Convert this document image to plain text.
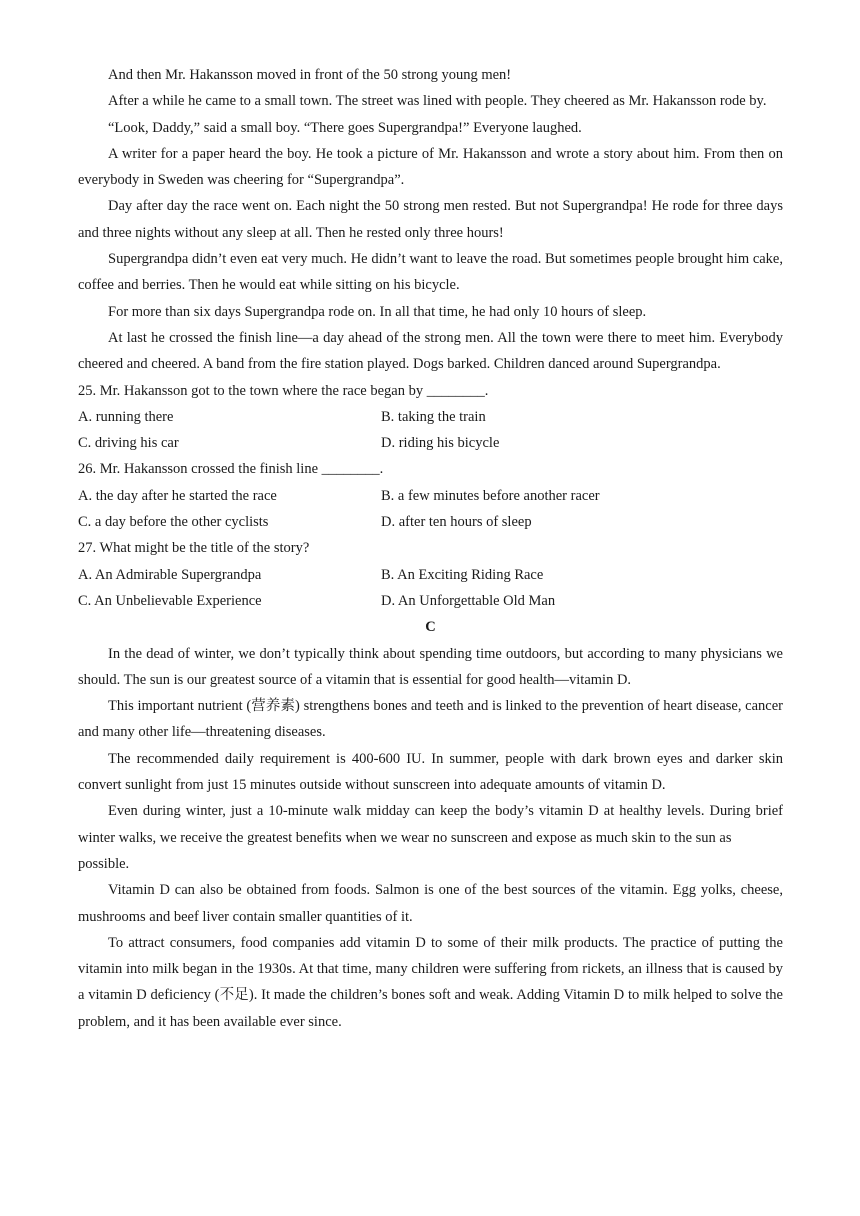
And then Mr. Hakansson moved in front of the 50 strong young men!

After a while he came to a small town. The street was lined with people. They cheered as Mr. Hakansson rode by.

“Look, Daddy,” said a small boy. “There goes Supergrandpa!” Everyone laughed.

A writer for a paper heard the boy. He took a picture of Mr. Hakansson and wrote a story about him. From then on everybody in Sweden was cheering for “Supergrandpa”.

Day after day the race went on. Each night the 50 strong men rested. But not Supergrandpa! He rode for three days and three nights without any sleep at all. Then he rested only three hours!

Supergrandpa didn’t even eat very much. He didn’t want to leave the road. But sometimes people brought him cake, coffee and berries. Then he would eat while sitting on his bicycle.

For more than six days Supergrandpa rode on. In all that time, he had only 10 hours of sleep.

At last he crossed the finish line—a day ahead of the strong men. All the town were there to meet him. Everybody cheered and cheered. A band from the fire station played. Dogs barked. Children danced around Supergrandpa.

25. Mr. Hakansson got to the town where the race began by ________.

A. running there	B. taking the train
C. driving his car	D. riding his bicycle

26. Mr. Hakansson crossed the finish line ________.

A. the day after he started the race	B. a few minutes before another racer
C. a day before the other cyclists	D. after ten hours of sleep

27. What might be the title of the story?

A. An Admirable Supergrandpa	B. An Exciting Riding Race
C. An Unbelievable Experience	D. An Unforgettable Old Man

C

In the dead of winter, we don’t typically think about spending time outdoors, but according to many physicians we should. The sun is our greatest source of a vitamin that is essential for good health—vitamin D.

This important nutrient (营养素) strengthens bones and teeth and is linked to the prevention of heart disease, cancer and many other life—threatening diseases.

The recommended daily requirement is 400-600 IU. In summer, people with dark brown eyes and darker skin convert sunlight from just 15 minutes outside without sunscreen into adequate amounts of vitamin D.

Even during winter, just a 10-minute walk midday can keep the body’s vitamin D at healthy levels. During brief winter walks, we receive the greatest benefits when we wear no sunscreen and expose as much skin to the sun as

possible.

Vitamin D can also be obtained from foods. Salmon is one of the best sources of the vitamin. Egg yolks, cheese, mushrooms and beef liver contain smaller quantities of it.

To attract consumers, food companies add vitamin D to some of their milk products. The practice of putting the vitamin into milk began in the 1930s. At that time, many children were suffering from rickets, an illness that is caused by a vitamin D deficiency (不足). It made the children’s bones soft and weak. Adding Vitamin D to milk helped to solve the problem, and it has been available ever since.
